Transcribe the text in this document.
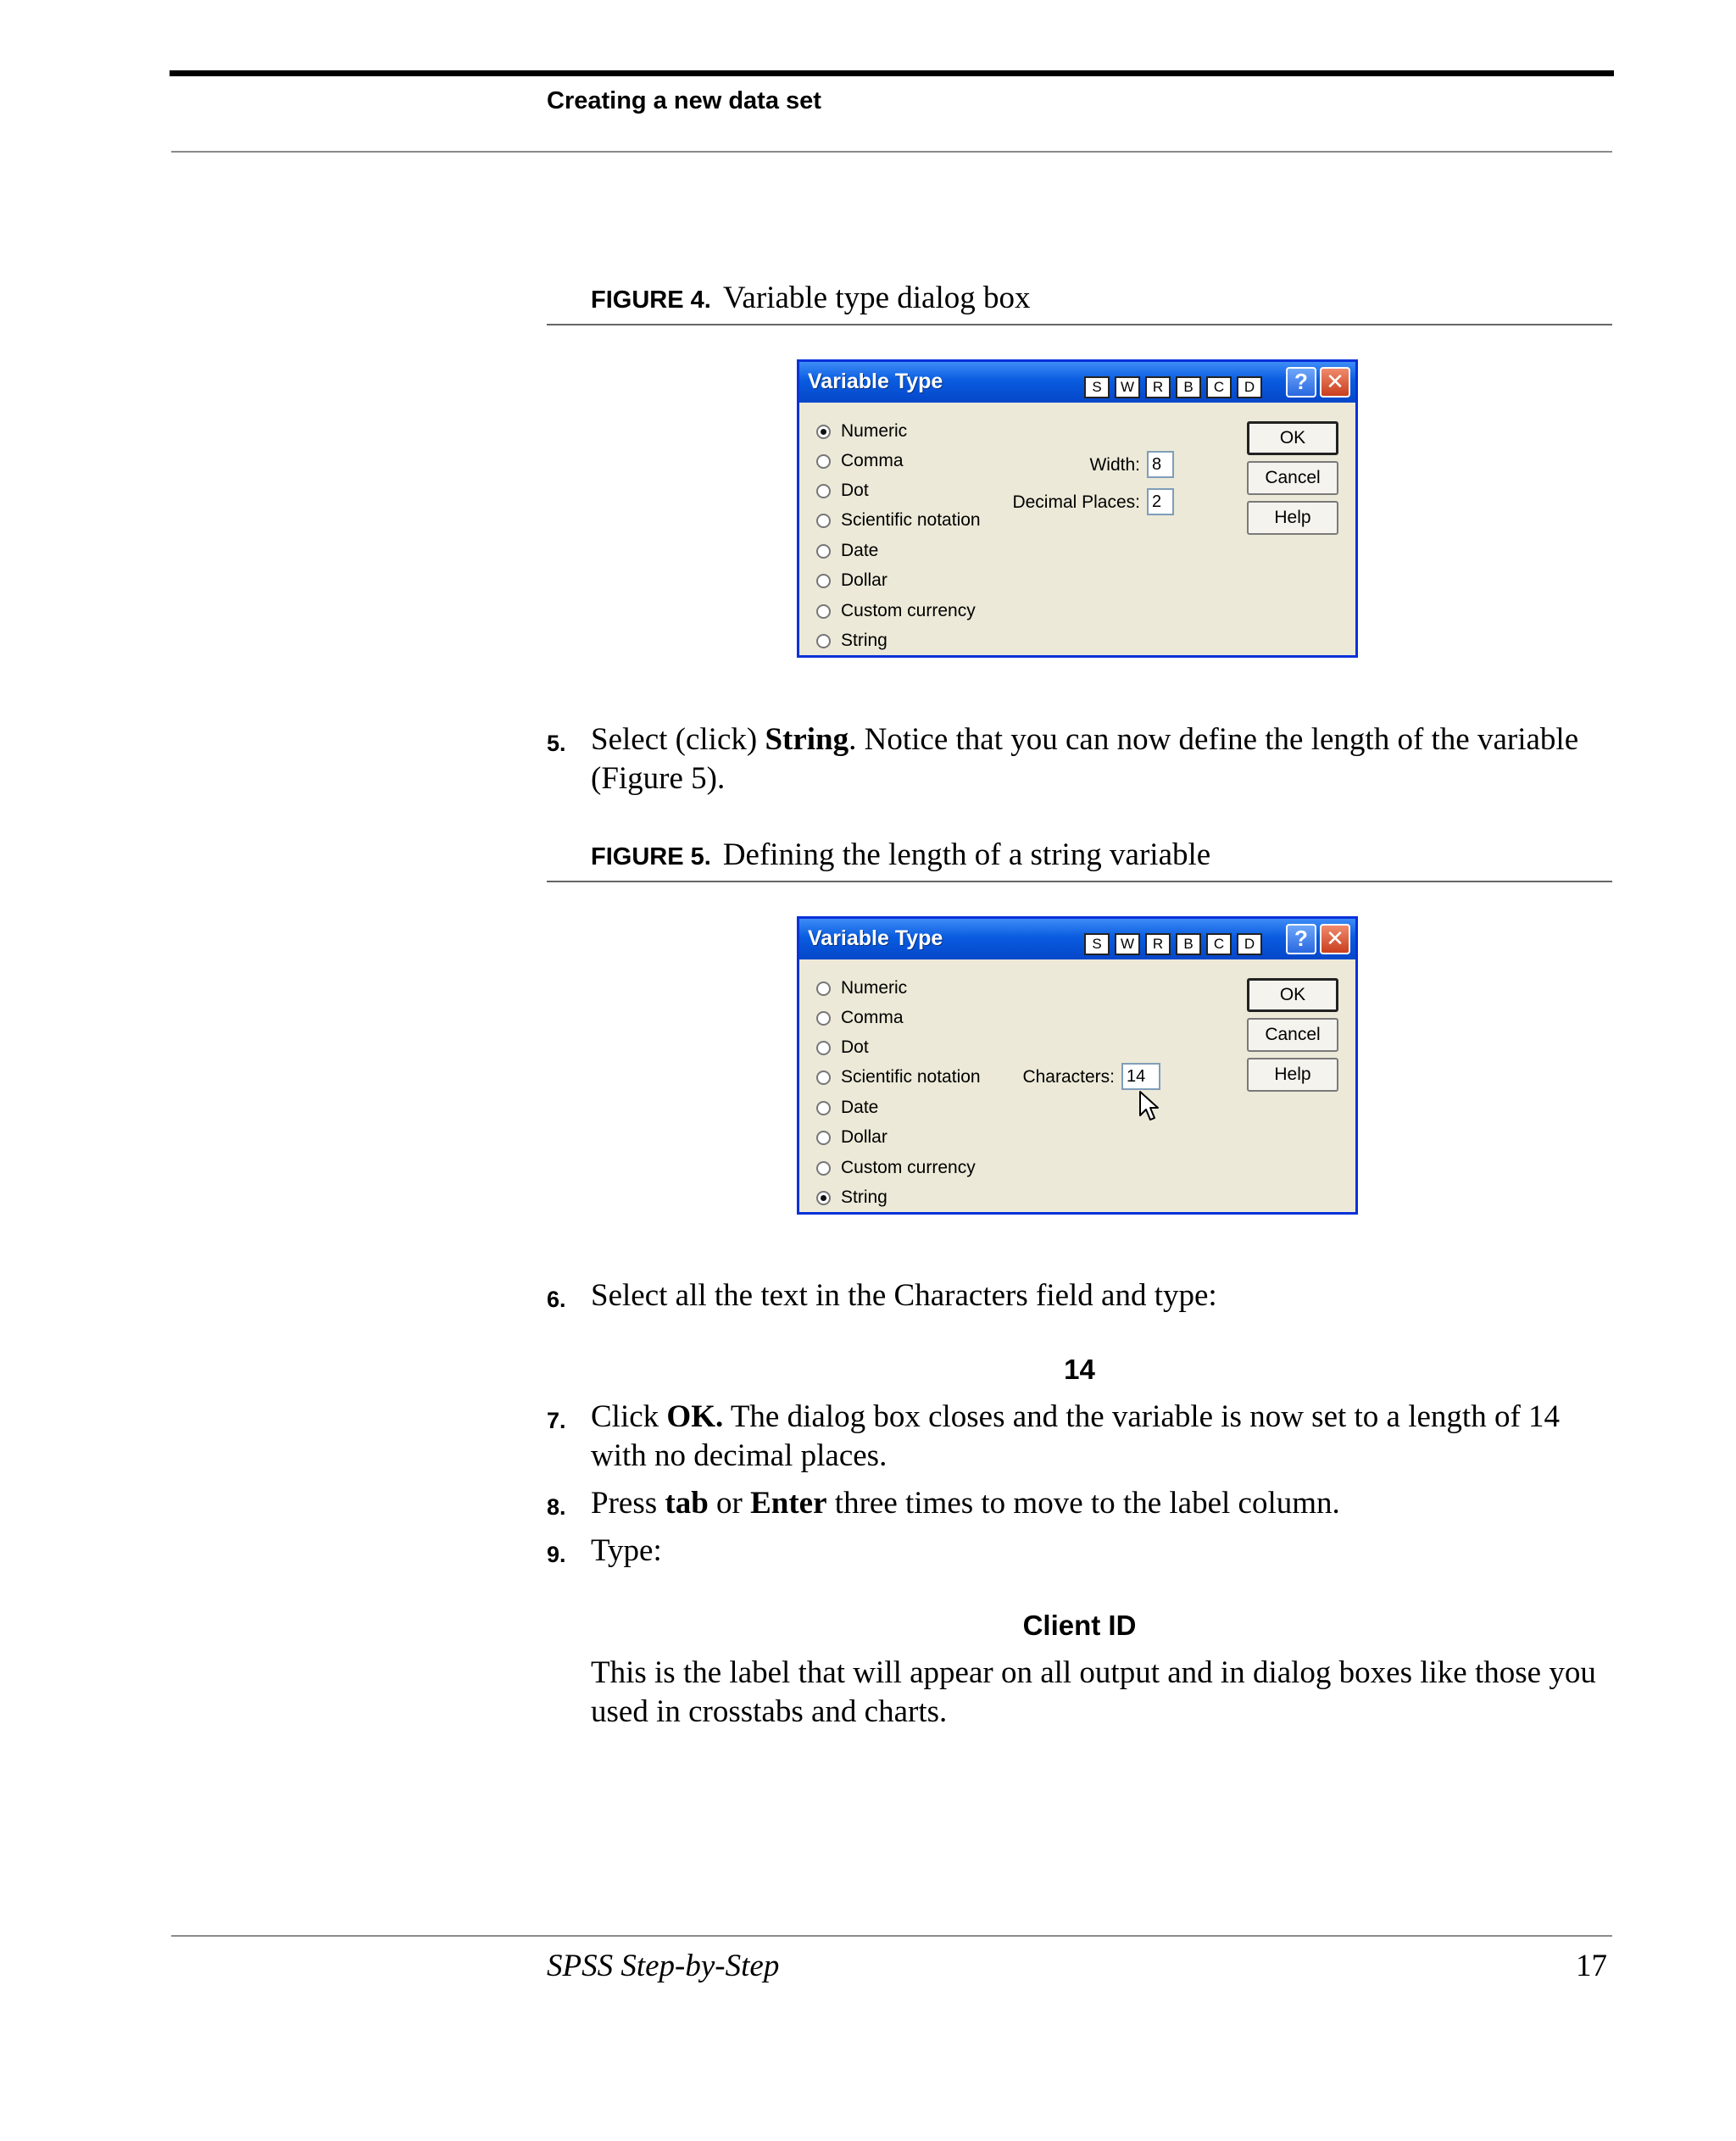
Creating a new data set
FIGURE 4. Variable type dialog box
Variable Type	S	W	R	B	C	D	? ✕
Numeric
Comma
Dot
Scientific notation
Date
Dollar
Custom currency
String
Width: 8
Decimal Places: 2
OK
Cancel
Help
5. Select (click) String. Notice that you can now define the length of the variable (Figure 5).
FIGURE 5. Defining the length of a string variable
Variable Type	S	W	R	B	C	D	? ✕
Numeric
Comma
Dot
Scientific notation
Date
Dollar
Custom currency
String
Characters: 14
OK
Cancel
Help
6. Select all the text in the Characters field and type:
14
7. Click OK. The dialog box closes and the variable is now set to a length of 14 with no decimal places.
8. Press tab or Enter three times to move to the label column.
9. Type:
Client ID
This is the label that will appear on all output and in dialog boxes like those you used in crosstabs and charts.
SPSS Step-by-Step	17
